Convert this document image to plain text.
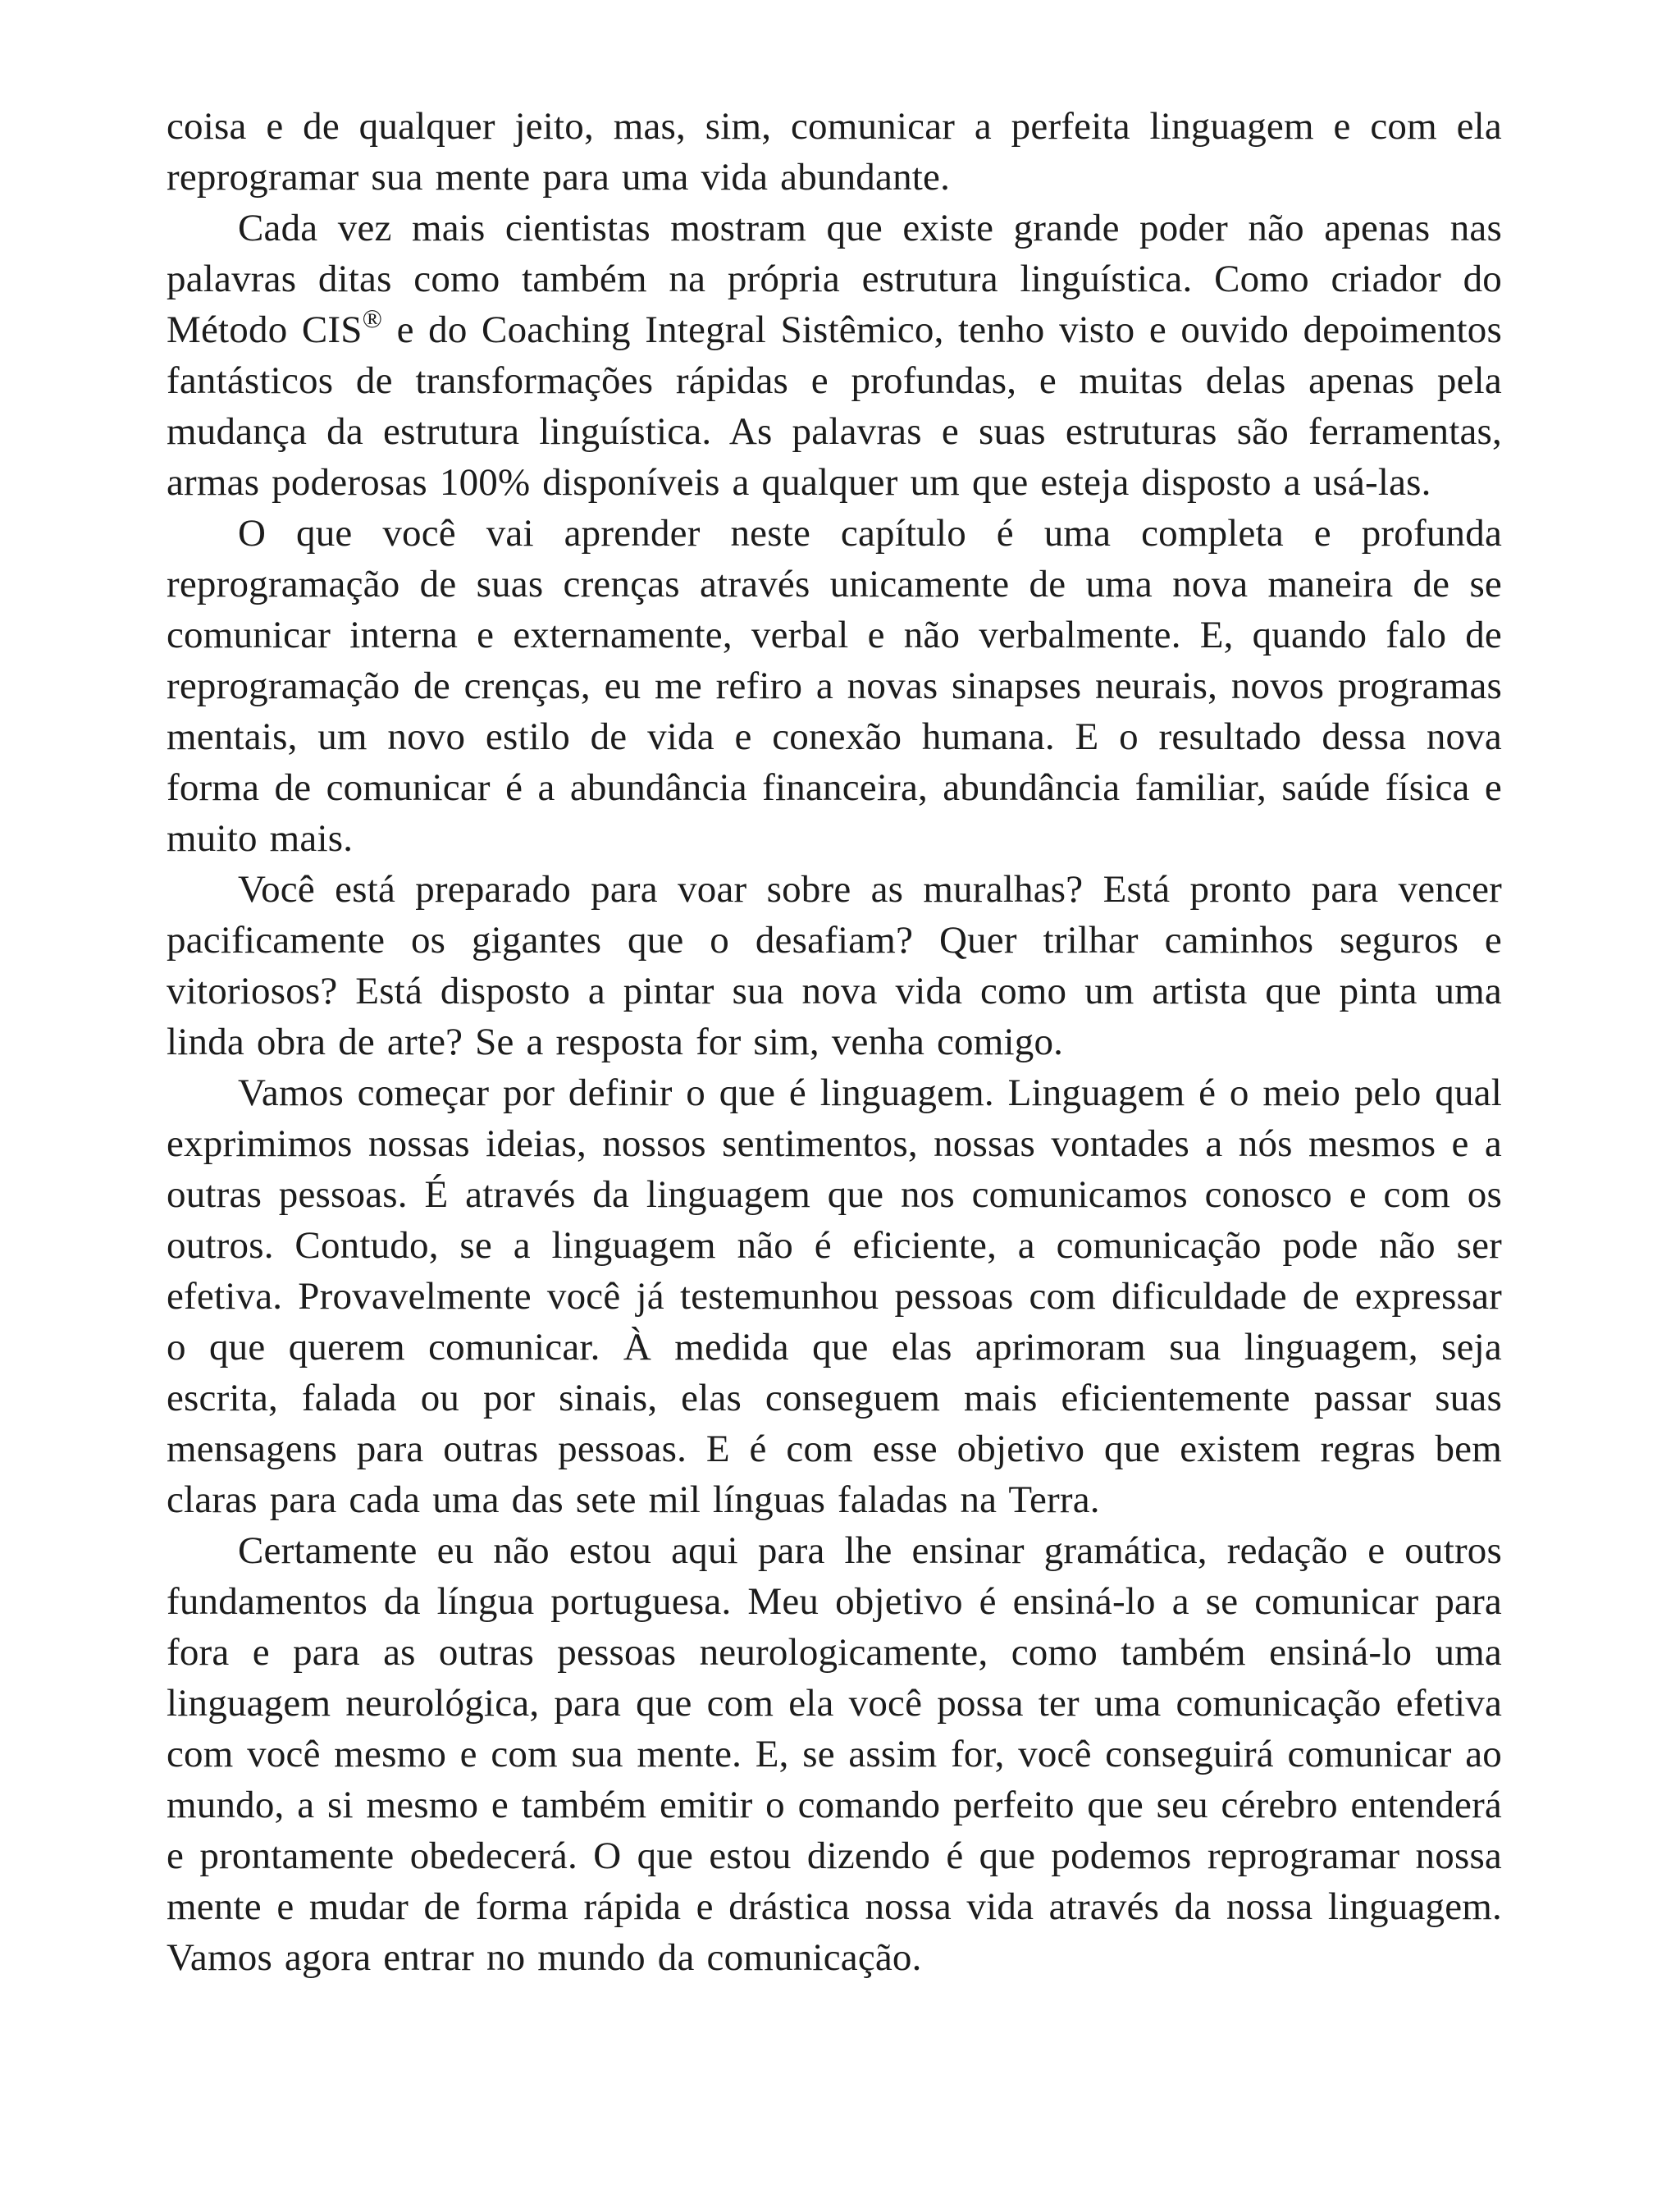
coisa e de qualquer jeito, mas, sim, comunicar a perfeita linguagem e com ela reprogramar sua mente para uma vida abundante.

Cada vez mais cientistas mostram que existe grande poder não apenas nas palavras ditas como também na própria estrutura linguística. Como criador do Método CIS® e do Coaching Integral Sistêmico, tenho visto e ouvido depoimentos fantásticos de transformações rápidas e profundas, e muitas delas apenas pela mudança da estrutura linguística. As palavras e suas estruturas são ferramentas, armas poderosas 100% disponíveis a qualquer um que esteja disposto a usá-las.

O que você vai aprender neste capítulo é uma completa e profunda reprogramação de suas crenças através unicamente de uma nova maneira de se comunicar interna e externamente, verbal e não verbalmente. E, quando falo de reprogramação de crenças, eu me refiro a novas sinapses neurais, novos programas mentais, um novo estilo de vida e conexão humana. E o resultado dessa nova forma de comunicar é a abundância financeira, abundância familiar, saúde física e muito mais.

Você está preparado para voar sobre as muralhas? Está pronto para vencer pacificamente os gigantes que o desafiam? Quer trilhar caminhos seguros e vitoriosos? Está disposto a pintar sua nova vida como um artista que pinta uma linda obra de arte? Se a resposta for sim, venha comigo.

Vamos começar por definir o que é linguagem. Linguagem é o meio pelo qual exprimimos nossas ideias, nossos sentimentos, nossas vontades a nós mesmos e a outras pessoas. É através da linguagem que nos comunicamos conosco e com os outros. Contudo, se a linguagem não é eficiente, a comunicação pode não ser efetiva. Provavelmente você já testemunhou pessoas com dificuldade de expressar o que querem comunicar. À medida que elas aprimoram sua linguagem, seja escrita, falada ou por sinais, elas conseguem mais eficientemente passar suas mensagens para outras pessoas. E é com esse objetivo que existem regras bem claras para cada uma das sete mil línguas faladas na Terra.

Certamente eu não estou aqui para lhe ensinar gramática, redação e outros fundamentos da língua portuguesa. Meu objetivo é ensiná-lo a se comunicar para fora e para as outras pessoas neurologicamente, como também ensiná-lo uma linguagem neurológica, para que com ela você possa ter uma comunicação efetiva com você mesmo e com sua mente. E, se assim for, você conseguirá comunicar ao mundo, a si mesmo e também emitir o comando perfeito que seu cérebro entenderá e prontamente obedecerá. O que estou dizendo é que podemos reprogramar nossa mente e mudar de forma rápida e drástica nossa vida através da nossa linguagem. Vamos agora entrar no mundo da comunicação.
